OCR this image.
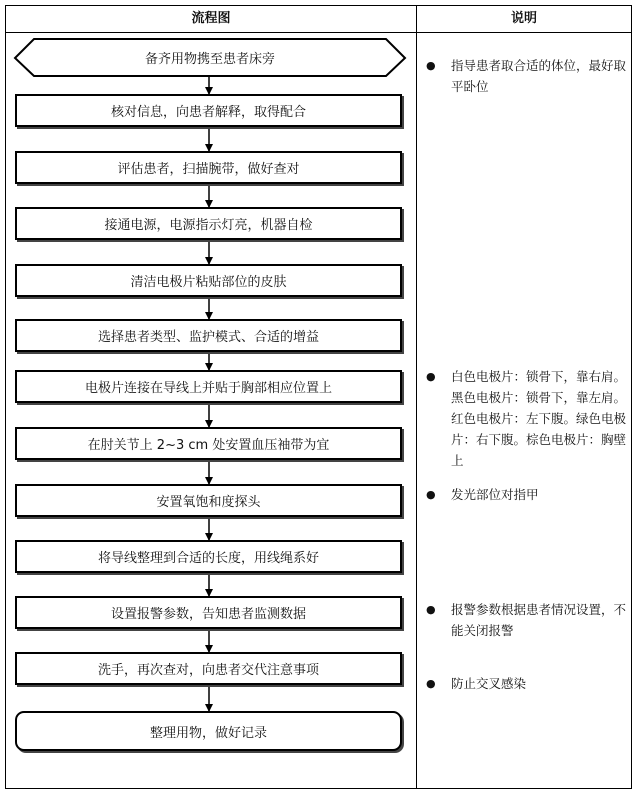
流程图	说明
备齐用物携至患者床旁
核对信息，向患者解释，取得配合
评估患者，扫描腕带，做好查对
接通电源，电源指示灯亮，机器自检
清洁电极片粘贴部位的皮肤
选择患者类型、监护模式、合适的增益
电极片连接在导线上并贴于胸部相应位置上
在肘关节上 2~3 cm 处安置血压袖带为宜
安置氧饱和度探头
将导线整理到合适的长度，用线绳系好
设置报警参数，告知患者监测数据
洗手，再次查对，向患者交代注意事项
整理用物，做好记录
● 指导患者取合适的体位，最好取平卧位
● 白色电极片：锁骨下，靠右肩。黑色电极片：锁骨下，靠左肩。红色电极片：左下腹。绿色电极片：右下腹。棕色电极片：胸壁上
● 发光部位对指甲
● 报警参数根据患者情况设置，不能关闭报警
● 防止交叉感染
